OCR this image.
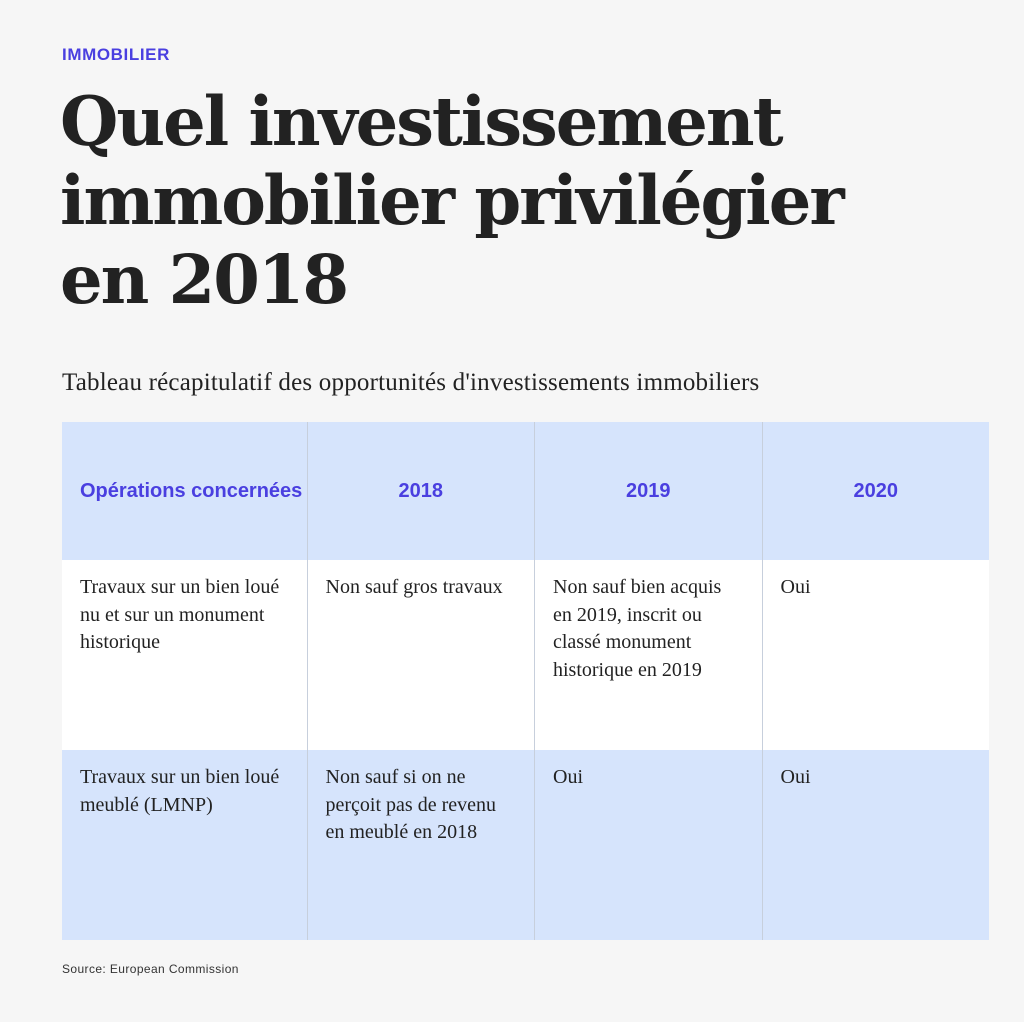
IMMOBILIER
Quel investissement
immobilier privilégier
en 2018
Tableau récapitulatif des opportunités d'investissements immobiliers
Opérations concernées	2018	2019	2020

Travaux sur un bien loué nu et sur un monument historique	Non sauf gros travaux	Non sauf bien acquis en 2019, inscrit ou classé monument historique en 2019	Oui

Travaux sur un bien loué meublé (LMNP)	Non sauf si on ne perçoit pas de revenu en meublé en 2018	Oui	Oui
Source: European Commission
